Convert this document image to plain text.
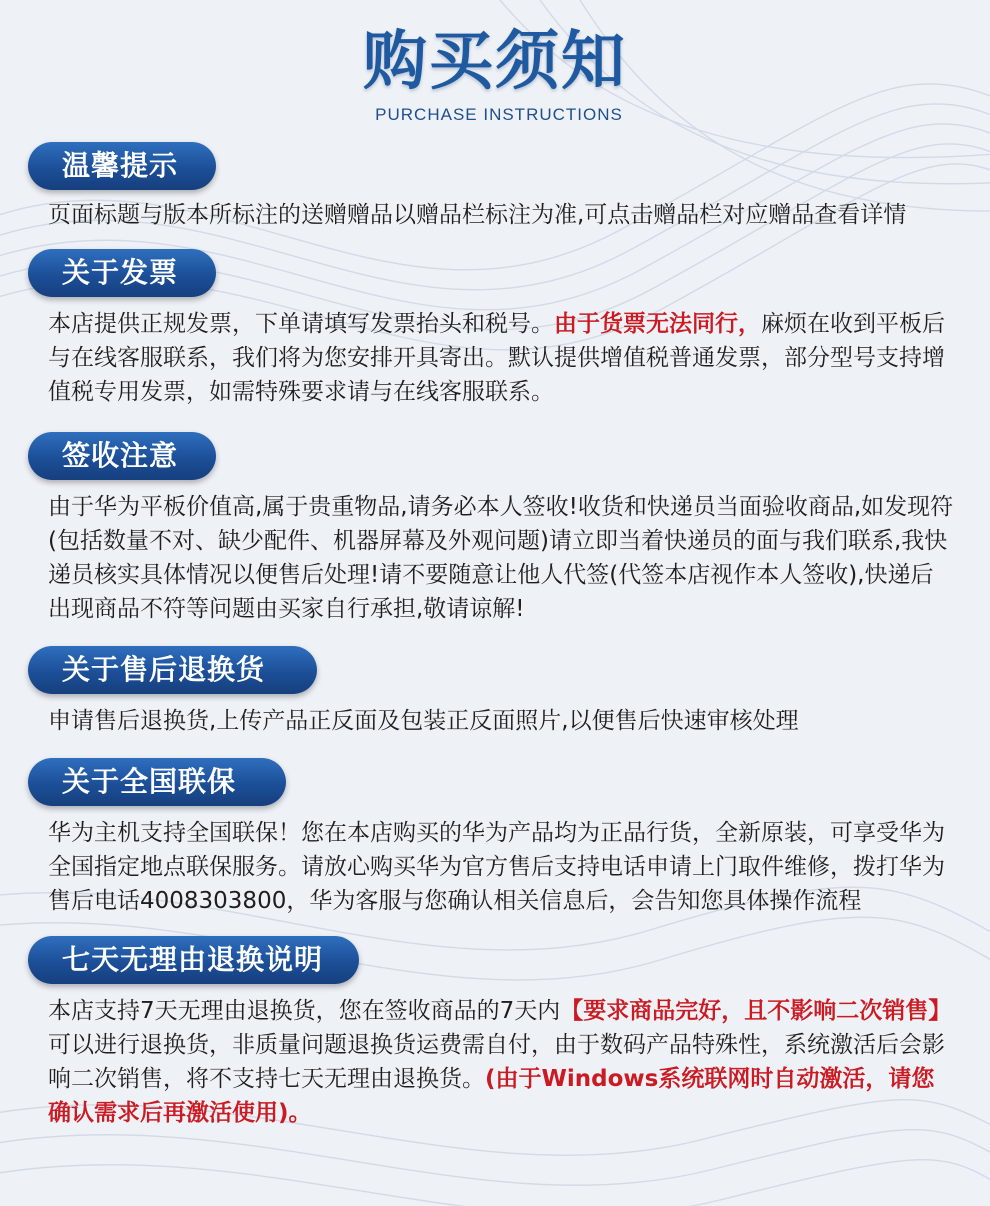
购买须知
PURCHASE INSTRUCTIONS
温馨提示
页面标题与版本所标注的送赠赠品以赠品栏标注为准,可点击赠品栏对应赠品查看详情
关于发票
本店提供正规发票，下单请填写发票抬头和税号。由于货票无法同行，麻烦在收到平板后与在线客服联系，我们将为您安排开具寄出。默认提供增值税普通发票，部分型号支持增值税专用发票，如需特殊要求请与在线客服联系。
签收注意
由于华为平板价值高,属于贵重物品,请务必本人签收!收货和快递员当面验收商品,如发现符(包括数量不对、缺少配件、机器屏幕及外观问题)请立即当着快递员的面与我们联系,我快递员核实具体情况以便售后处理!请不要随意让他人代签(代签本店视作本人签收),快递后出现商品不符等问题由买家自行承担,敬请谅解!
关于售后退换货
申请售后退换货,上传产品正反面及包装正反面照片,以便售后快速审核处理
关于全国联保
华为主机支持全国联保！您在本店购买的华为产品均为正品行货，全新原装，可享受华为全国指定地点联保服务。请放心购买华为官方售后支持电话申请上门取件维修，拨打华为售后电话4008303800，华为客服与您确认相关信息后，会告知您具体操作流程
七天无理由退换说明
本店支持7天无理由退换货，您在签收商品的7天内【要求商品完好，且不影响二次销售】可以进行退换货，非质量问题退换货运费需自付，由于数码产品特殊性，系统激活后会影响二次销售，将不支持七天无理由退换货。(由于Windows系统联网时自动激活，请您确认需求后再激活使用)。
